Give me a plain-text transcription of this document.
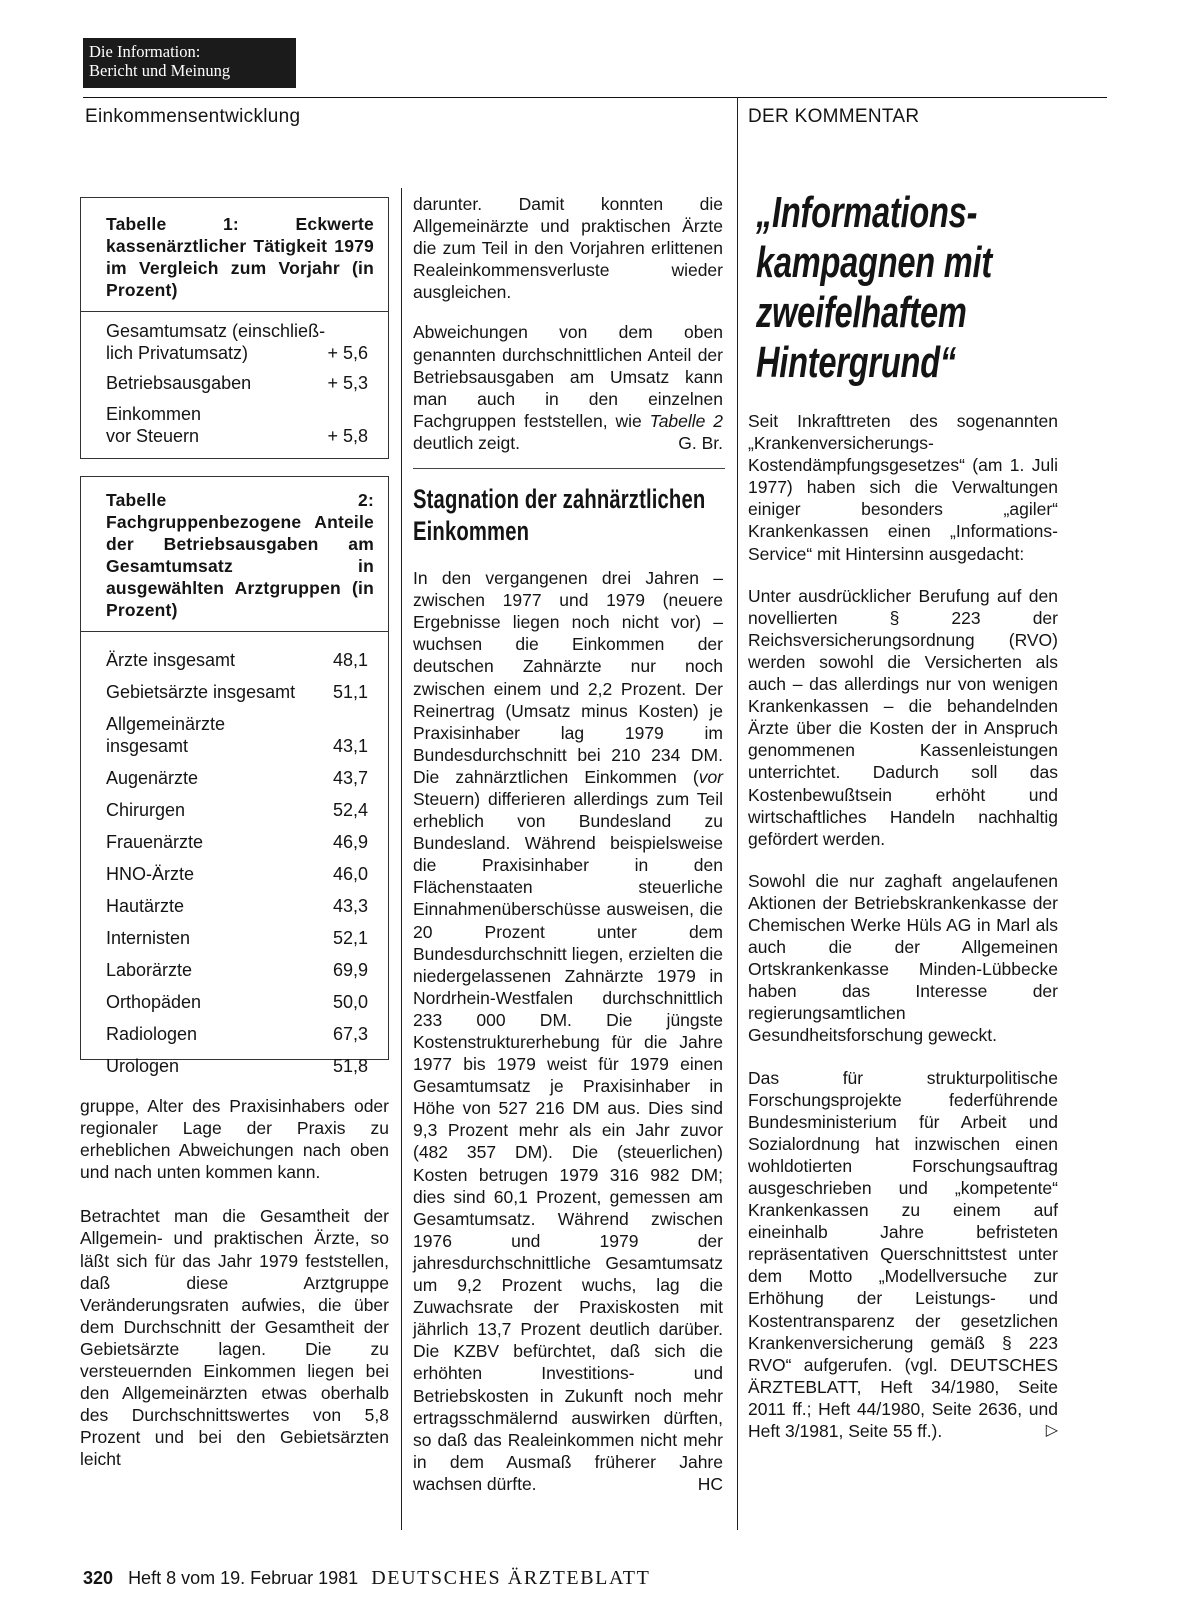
Die Information:
Bericht und Meinung
Einkommensentwicklung	DER KOMMENTAR
Tabelle 1: Eckwerte kassenärztlicher Tätigkeit 1979 im Vergleich zum Vorjahr (in Prozent)
Gesamtumsatz (einschließ-
lich Privatumsatz)	+ 5,6
Betriebsausgaben	+ 5,3
Einkommen
vor Steuern	+ 5,8
Tabelle 2: Fachgruppenbezogene Anteile der Betriebsausgaben am Gesamtumsatz in ausgewählten Arztgruppen (in Prozent)
Ärzte insgesamt	48,1
Gebietsärzte insgesamt 51,1
Allgemeinärzte
insgesamt	43,1
Augenärzte	43,7
Chirurgen	52,4
Frauenärzte	46,9
HNO-Ärzte	46,0
Hautärzte	43,3
Internisten	52,1
Laborärzte	69,9
Orthopäden	50,0
Radiologen	67,3
Urologen	51,8

gruppe, Alter des Praxisinhabers oder regionaler Lage der Praxis zu erheblichen Abweichungen nach oben und nach unten kommen kann.

Betrachtet man die Gesamtheit der Allgemein- und praktischen Ärzte, so läßt sich für das Jahr 1979 feststellen, daß diese Arztgruppe Veränderungsraten aufwies, die über dem Durchschnitt der Gesamtheit der Gebietsärzte lagen. Die zu versteuernden Einkommen liegen bei den Allgemeinärzten etwas oberhalb des Durchschnittswertes von 5,8 Prozent und bei den Gebietsärzten leicht

darunter. Damit konnten die Allgemeinärzte und praktischen Ärzte die zum Teil in den Vorjahren erlittenen Realeinkommensverluste wieder ausgleichen.

Abweichungen von dem oben genannten durchschnittlichen Anteil der Betriebsausgaben am Umsatz kann man auch in den einzelnen Fachgruppen feststellen, wie Tabelle 2 deutlich zeigt.	G. Br.

Stagnation der zahnärztlichen Einkommen

In den vergangenen drei Jahren – zwischen 1977 und 1979 (neuere Ergebnisse liegen noch nicht vor) – wuchsen die Einkommen der deutschen Zahnärzte nur noch zwischen einem und 2,2 Prozent. Der Reinertrag (Umsatz minus Kosten) je Praxisinhaber lag 1979 im Bundesdurchschnitt bei 210 234 DM. Die zahnärztlichen Einkommen (vor Steuern) differieren allerdings zum Teil erheblich von Bundesland zu Bundesland. Während beispielsweise die Praxisinhaber in den Flächenstaaten steuerliche Einnahmenüberschüsse ausweisen, die 20 Prozent unter dem Bundesdurchschnitt liegen, erzielten die niedergelassenen Zahnärzte 1979 in Nordrhein-Westfalen durchschnittlich 233 000 DM. Die jüngste Kostenstrukturerhebung für die Jahre 1977 bis 1979 weist für 1979 einen Gesamtumsatz je Praxisinhaber in Höhe von 527 216 DM aus. Dies sind 9,3 Prozent mehr als ein Jahr zuvor (482 357 DM). Die (steuerlichen) Kosten betrugen 1979 316 982 DM; dies sind 60,1 Prozent, gemessen am Gesamtumsatz. Während zwischen 1976 und 1979 der jahresdurchschnittliche Gesamtumsatz um 9,2 Prozent wuchs, lag die Zuwachsrate der Praxiskosten mit jährlich 13,7 Prozent deutlich darüber. Die KZBV befürchtet, daß sich die erhöhten Investitions- und Betriebskosten in Zukunft noch mehr ertragsschmälernd auswirken dürften, so daß das Realeinkommen nicht mehr in dem Ausmaß früherer Jahre wachsen dürfte.	HC

„Informations-
kampagnen mit
zweifelhaftem
Hintergrund“

Seit Inkrafttreten des sogenannten „Krankenversicherungs-Kostendämpfungsgesetzes“ (am 1. Juli 1977) haben sich die Verwaltungen einiger besonders „agiler“ Krankenkassen einen „Informations-Service“ mit Hintersinn ausgedacht:

Unter ausdrücklicher Berufung auf den novellierten § 223 der Reichsversicherungsordnung (RVO) werden sowohl die Versicherten als auch – das allerdings nur von wenigen Krankenkassen – die behandelnden Ärzte über die Kosten der in Anspruch genommenen Kassenleistungen unterrichtet. Dadurch soll das Kostenbewußtsein erhöht und wirtschaftliches Handeln nachhaltig gefördert werden.

Sowohl die nur zaghaft angelaufenen Aktionen der Betriebskrankenkasse der Chemischen Werke Hüls AG in Marl als auch die der Allgemeinen Ortskrankenkasse Minden-Lübbecke haben das Interesse der regierungsamtlichen Gesundheitsforschung geweckt.

Das für strukturpolitische Forschungsprojekte federführende Bundesministerium für Arbeit und Sozialordnung hat inzwischen einen wohldotierten Forschungsauftrag ausgeschrieben und „kompetente“ Krankenkassen zu einem auf eineinhalb Jahre befristeten repräsentativen Querschnittstest unter dem Motto „Modellversuche zur Erhöhung der Leistungs- und Kostentransparenz der gesetzlichen Krankenversicherung gemäß § 223 RVO“ aufgerufen. (vgl. DEUTSCHES ÄRZTEBLATT, Heft 34/1980, Seite 2011 ff.; Heft 44/1980, Seite 2636, und Heft 3/1981, Seite 55 ff.).	▷

320 Heft 8 vom 19. Februar 1981 DEUTSCHES ÄRZTEBLATT
